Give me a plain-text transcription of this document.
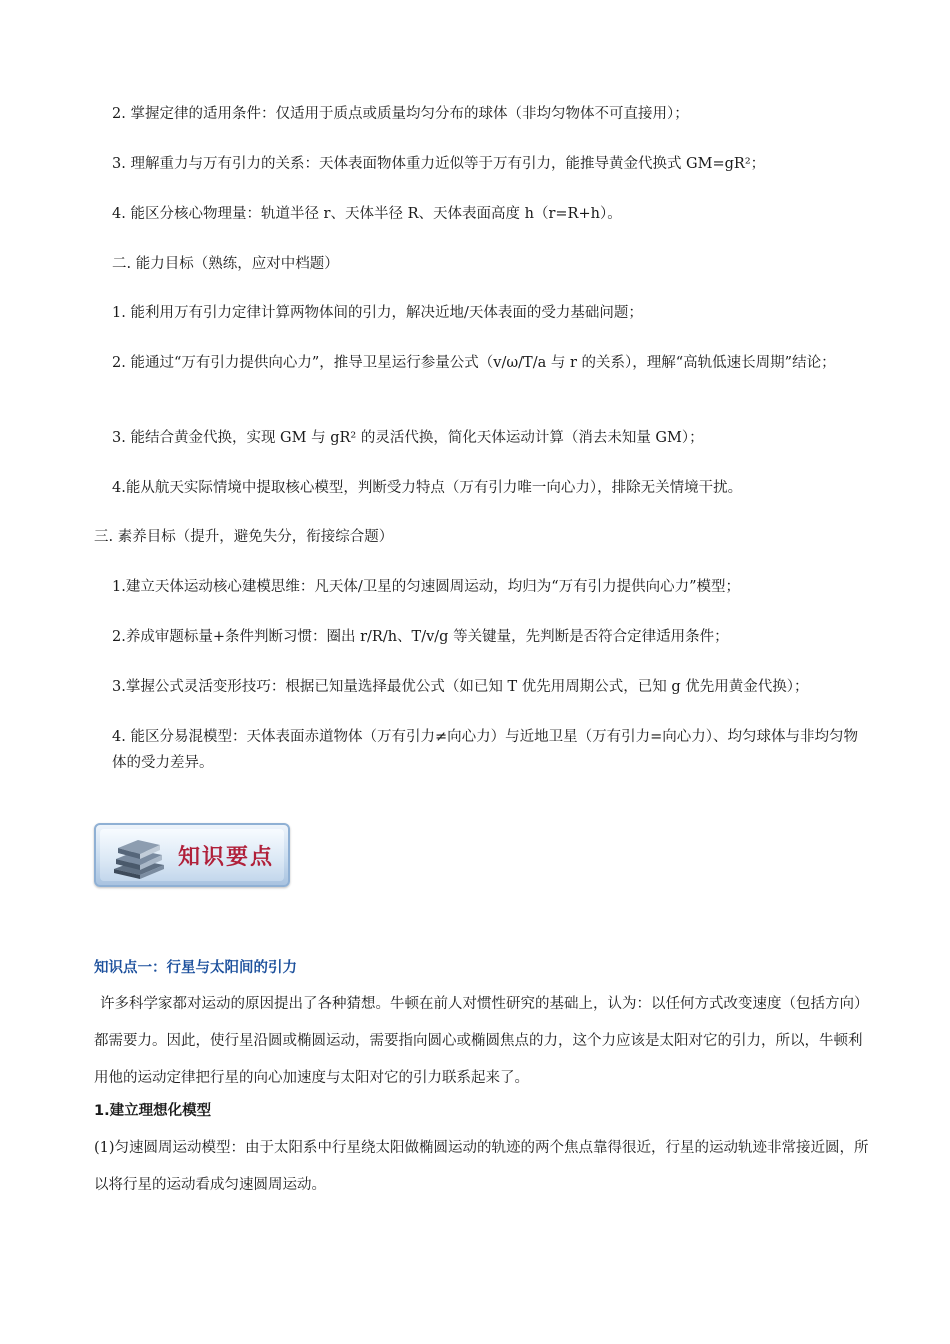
2. 掌握定律的适用条件：仅适用于质点或质量均匀分布的球体（非均匀物体不可直接用）；

3. 理解重力与万有引力的关系：天体表面物体重力近似等于万有引力，能推导黄金代换式 GM=gR²；

4. 能区分核心物理量：轨道半径 r、天体半径 R、天体表面高度 h（r=R+h）。

二. 能力目标（熟练，应对中档题）

1. 能利用万有引力定律计算两物体间的引力，解决近地/天体表面的受力基础问题；

2. 能通过“万有引力提供向心力”，推导卫星运行参量公式（v/ω/T/a 与 r 的关系），理解“高轨低速长周期”结论；

3. 能结合黄金代换，实现 GM 与 gR² 的灵活代换，简化天体运动计算（消去未知量 GM）；

4.能从航天实际情境中提取核心模型，判断受力特点（万有引力唯一向心力），排除无关情境干扰。

三. 素养目标（提升，避免失分，衔接综合题）

1.建立天体运动核心建模思维：凡天体/卫星的匀速圆周运动，均归为“万有引力提供向心力”模型；

2.养成审题标量+条件判断习惯：圈出 r/R/h、T/v/g 等关键量，先判断是否符合定律适用条件；

3.掌握公式灵活变形技巧：根据已知量选择最优公式（如已知 T 优先用周期公式，已知 g 优先用黄金代换）；

4. 能区分易混模型：天体表面赤道物体（万有引力≠向心力）与近地卫星（万有引力=向心力）、均匀球体与非均匀物体的受力差异。

知识要点
知识点一：行星与太阳间的引力

许多科学家都对运动的原因提出了各种猜想。牛顿在前人对惯性研究的基础上，认为：以任何方式改变速度（包括方向）都需要力。因此，使行星沿圆或椭圆运动，需要指向圆心或椭圆焦点的力，这个力应该是太阳对它的引力，所以，牛顿利用他的运动定律把行星的向心加速度与太阳对它的引力联系起来了。

1.建立理想化模型

(1)匀速圆周运动模型：由于太阳系中行星绕太阳做椭圆运动的轨迹的两个焦点靠得很近，行星的运动轨迹非常接近圆，所以将行星的运动看成匀速圆周运动。
